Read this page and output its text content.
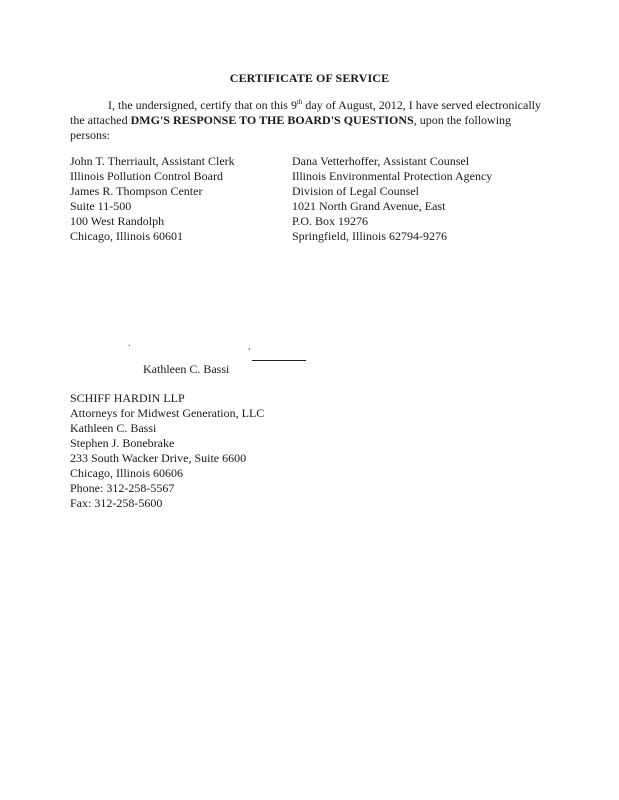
CERTIFICATE OF SERVICE

I, the undersigned, certify that on this 9th day of August, 2012, I have served electronically the attached DMG'S RESPONSE TO THE BOARD'S QUESTIONS, upon the following persons:

John T. Therriault, Assistant Clerk
Illinois Pollution Control Board
James R. Thompson Center
Suite 11-500
100 West Randolph
Chicago, Illinois 60601
Dana Vetterhoffer, Assistant Counsel
Illinois Environmental Protection Agency
Division of Legal Counsel
1021 North Grand Avenue, East
P.O. Box 19276
Springfield, Illinois 62794-9276
.	,
Kathleen C. Bassi
SCHIFF HARDIN LLP
Attorneys for Midwest Generation, LLC
Kathleen C. Bassi
Stephen J. Bonebrake
233 South Wacker Drive, Suite 6600
Chicago, Illinois 60606
Phone: 312-258-5567
Fax: 312-258-5600
